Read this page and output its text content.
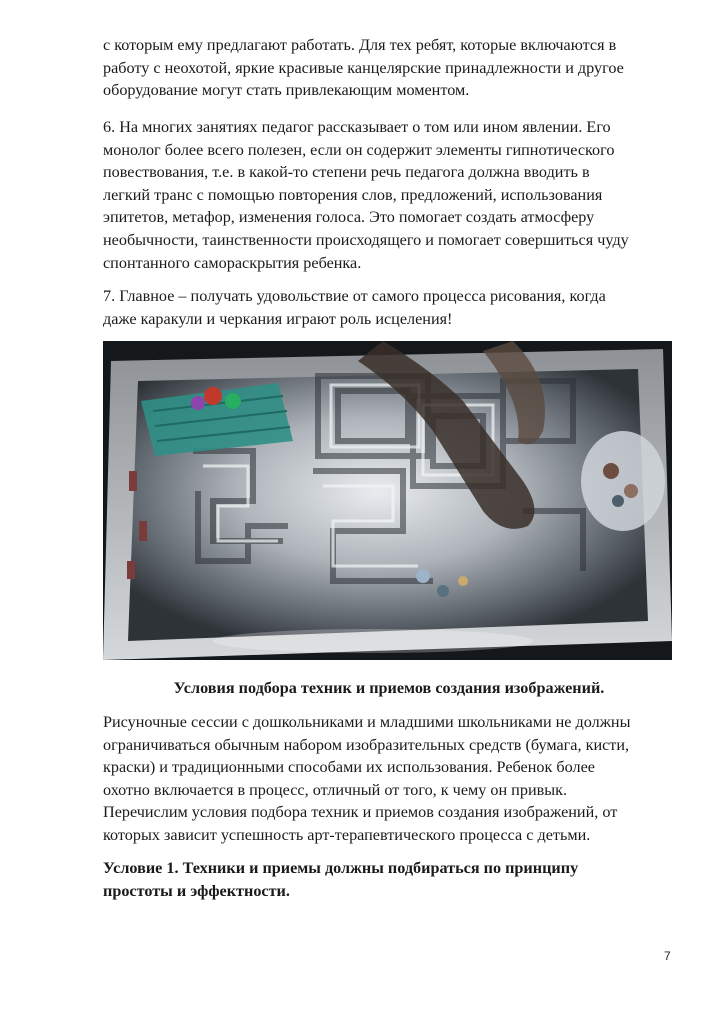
с которым ему предлагают работать. Для тех ребят, которые включаются в
работу с неохотой, яркие красивые канцелярские принадлежности и другое
оборудование могут стать привлекающим моментом.
6. На многих занятиях педагог рассказывает о том или ином явлении. Его
монолог более всего полезен, если он содержит элементы гипнотического
повествования, т.е. в какой-то степени речь педагога должна вводить в
легкий транс с помощью повторения слов, предложений, использования
эпитетов, метафор, изменения голоса. Это помогает создать атмосферу
необычности, таинственности происходящего и помогает совершиться чуду
спонтанного самораскрытия ребенка.
7. Главное – получать удовольствие от самого процесса рисования, когда
даже каракули и черкания играют роль исцеления!
Условия подбора техник и приемов создания изображений.
Рисуночные сессии с дошкольниками и младшими школьниками не должны
ограничиваться обычным набором изобразительных средств (бумага, кисти,
краски) и традиционными способами их использования. Ребенок более
охотно включается в процесс, отличный от того, к чему он привык.
Перечислим условия подбора техник и приемов создания изображений, от
которых зависит успешность арт-терапевтического процесса с детьми.
Условие 1. Техники и приемы должны подбираться по принципу
простоты и эффектности.
7
